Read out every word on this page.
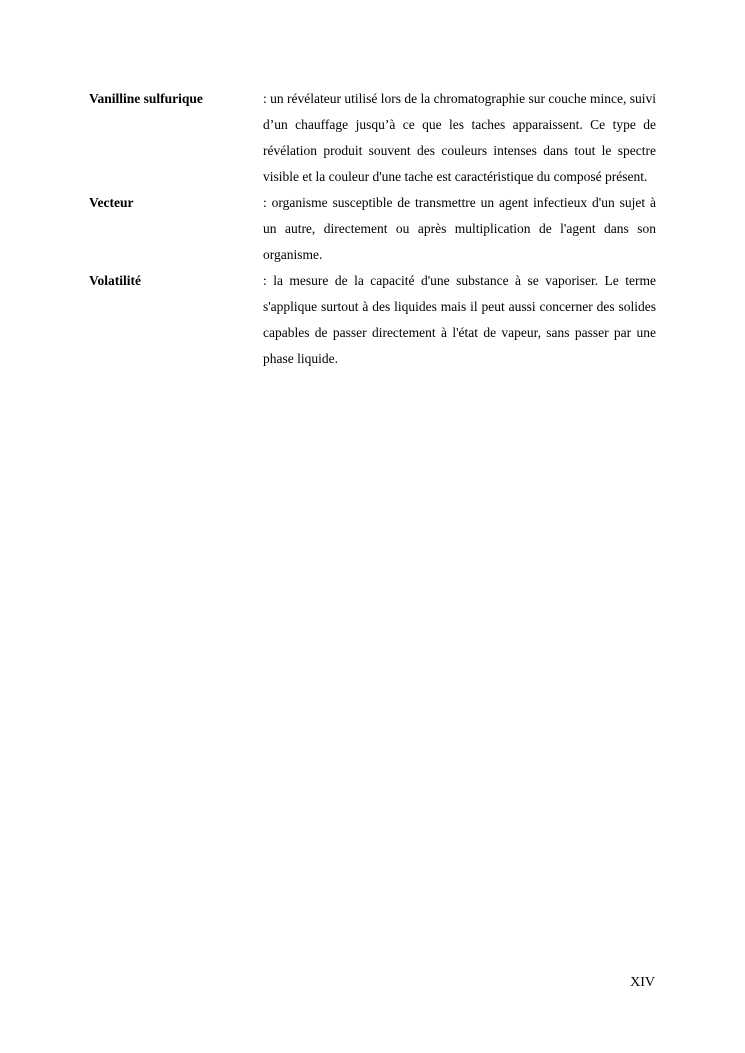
Vanilline sulfurique	: un révélateur utilisé lors de la chromatographie sur couche mince, suivi d’un chauffage jusqu’à ce que les taches apparaissent. Ce type de révélation produit souvent des couleurs intenses dans tout le spectre visible et la couleur d'une tache est caractéristique du composé présent.
Vecteur	: organisme susceptible de transmettre un agent infectieux d'un sujet à un autre, directement ou après multiplication de l'agent dans son organisme.
Volatilité	: la mesure de la capacité d'une substance à se vaporiser. Le terme s'applique surtout à des liquides mais il peut aussi concerner des solides capables de passer directement à l'état de vapeur, sans passer par une phase liquide.
XIV
